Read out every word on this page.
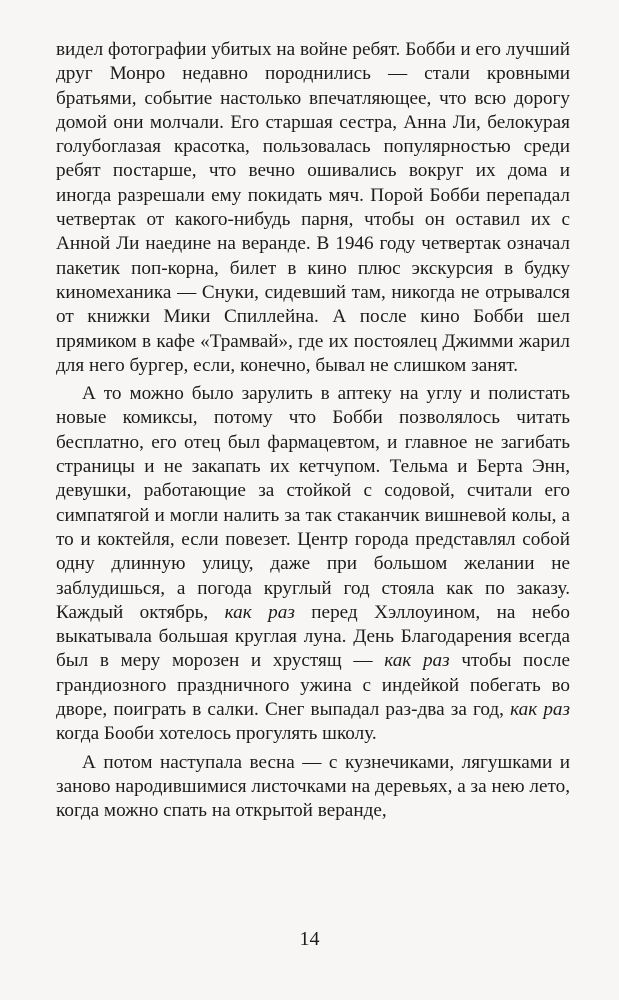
видел фотографии убитых на войне ребят. Бобби и его лучший друг Монро недавно породнились — стали кровными братьями, событие настолько впечатляющее, что всю дорогу домой они молчали. Его старшая сестра, Анна Ли, белокурая голубоглазая красотка, пользовалась популярностью среди ребят постарше, что вечно ошивались вокруг их дома и иногда разрешали ему покидать мяч. Порой Бобби перепадал четвертак от какого-нибудь парня, чтобы он оставил их с Анной Ли наедине на веранде. В 1946 году четвертак означал пакетик поп-корна, билет в кино плюс экскурсия в будку киномеханика — Снуки, сидевший там, никогда не отрывался от книжки Мики Спиллейна. А после кино Бобби шел прямиком в кафе «Трамвай», где их постоялец Джимми жарил для него бургер, если, конечно, бывал не слишком занят.

А то можно было зарулить в аптеку на углу и полистать новые комиксы, потому что Бобби позволялось читать бесплатно, его отец был фармацевтом, и главное не загибать страницы и не закапать их кетчупом. Тельма и Берта Энн, девушки, работающие за стойкой с содовой, считали его симпатягой и могли налить за так стаканчик вишневой колы, а то и коктейля, если повезет. Центр города представлял собой одну длинную улицу, даже при большом желании не заблудишься, а погода круглый год стояла как по заказу. Каждый октябрь, как раз перед Хэллоуином, на небо выкатывала большая круглая луна. День Благодарения всегда был в меру морозен и хрустящ — как раз чтобы после грандиозного праздничного ужина с индейкой побегать во дворе, поиграть в салки. Снег выпадал раз-два за год, как раз когда Бооби хотелось прогулять школу.

А потом наступала весна — с кузнечиками, лягушками и заново народившимися листочками на деревьях, а за нею лето, когда можно спать на открытой веранде,

14
